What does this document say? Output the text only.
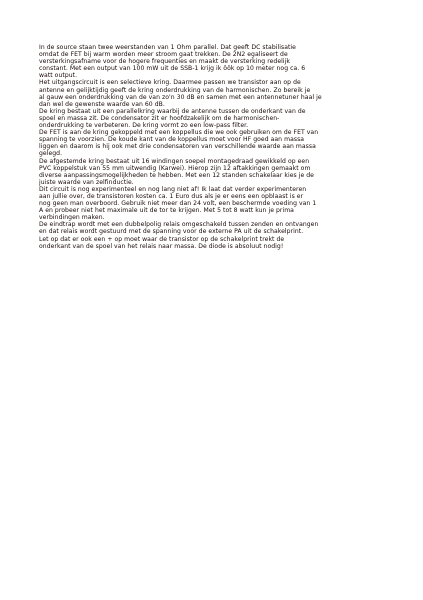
In de source staan twee weerstanden van 1 Ohm parallel. Dat geeft DC stabilisatie
omdat de FET bij warm worden meer stroom gaat trekken. De 2N2 egaliseert de
versterkingsafname voor de hogere frequenties en maakt de versterking redelijk
constant. Met een output van 100 mW uit de SSB-1 krijg ik ôôk op 10 meter nog ca. 6
watt output.
Het uitgangscircuit is een selectieve kring. Daarmee passen we transistor aan op de
antenne en gelijktijdig geeft de kring onderdrukking van de harmonischen. Zo bereik je
al gauw een onderdrukking van de van zo'n 30 dB en samen met een antennetuner haal je
dan wel de gewenste waarde van 60 dB.
De kring bestaat uit een parallelkring waarbij de antenne tussen de onderkant van de
spoel en massa zit. De condensator zit er hoofdzakelijk om de harmonischen-
onderdrukking te verbeteren. De kring vormt zo een low-pass filter.
De FET is aan de kring gekoppeld met een koppellus die we ook gebruiken om de FET van
spanning te voorzien. De koude kant van de koppellus moet voor HF goed aan massa
liggen en daarom is hij ook met drie condensatoren van verschillende waarde aan massa
gelegd.
De afgestemde kring bestaat uit 16 windingen soepel montagedraad gewikkeld op een
PVC koppelstuk van 55 mm uitwendig (Karwei). Hierop zijn 12 aftakkingen gemaakt om
diverse aanpassingsmogelijkheden te hebben. Met een 12 standen schakelaar kies je de
juiste waarde van zelfinductie.
Dit circuit is nog experimenteel en nog lang niet af! Ik laat dat verder experimenteren
aan jullie over, de transistoren kosten ca. 1 Euro dus als je er eens een opblaast is er
nog geen man overboord. Gebruik niet meer dan 24 volt, een beschermde voeding van 1
A en probeer niet het maximale uit de tor te krijgen. Met 5 tot 8 watt kun je prima
verbindingen maken.
De eindtrap wordt met een dubbelpolig relais omgeschakeld tussen zenden en ontvangen
en dat relais wordt gestuurd met de spanning voor de externe PA uit de schakelprint.
Let op dat er ook een + op moet waar de transistor op de schakelprint trekt de
onderkant van de spoel van het relais naar massa. De diode is absoluut nodig!
